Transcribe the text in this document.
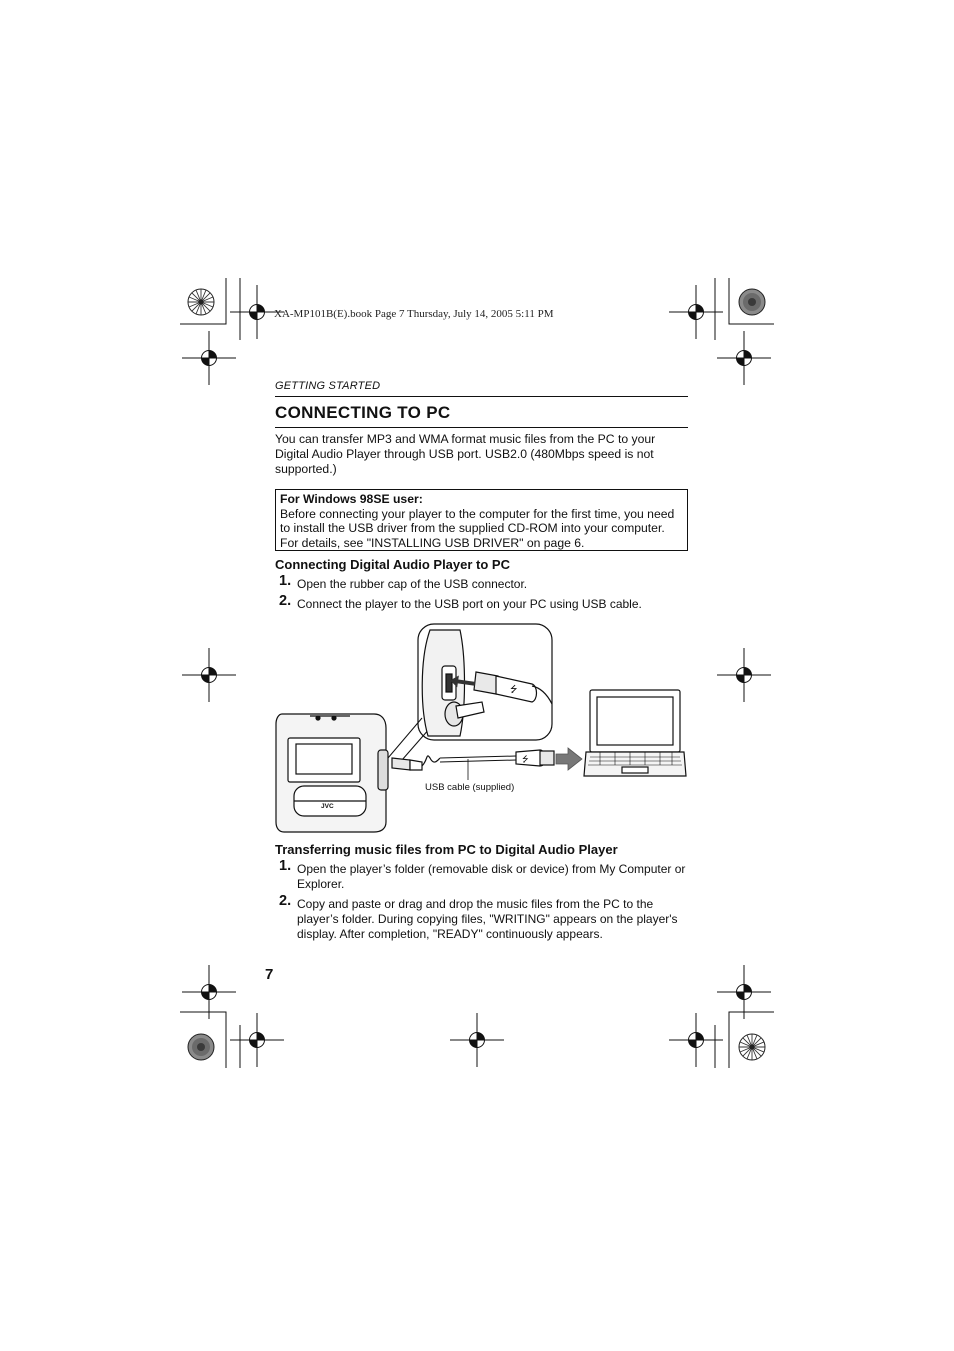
XA-MP101B(E).book Page 7 Thursday, July 14, 2005 5:11 PM
GETTING STARTED
CONNECTING TO PC
You can transfer MP3 and WMA format music files from the PC to your Digital Audio Player through USB port. USB2.0 (480Mbps speed is not supported.)
For Windows 98SE user:
Before connecting your player to the computer for the first time, you need to install the USB driver from the supplied CD-ROM into your computer. For details, see "INSTALLING USB DRIVER" on page 6.
Connecting Digital Audio Player to PC
1. Open the rubber cap of the USB connector.
2. Connect the player to the USB port on your PC using USB cable.
⭍
JVC
⭍
USB cable (supplied)
Transferring music files from PC to Digital Audio Player
1. Open the player’s folder (removable disk or device) from My Computer or Explorer.
2. Copy and paste or drag and drop the music files from the PC to the player’s folder. During copying files, "WRITING" appears on the player's display. After completion, "READY" continuously appears.
7
